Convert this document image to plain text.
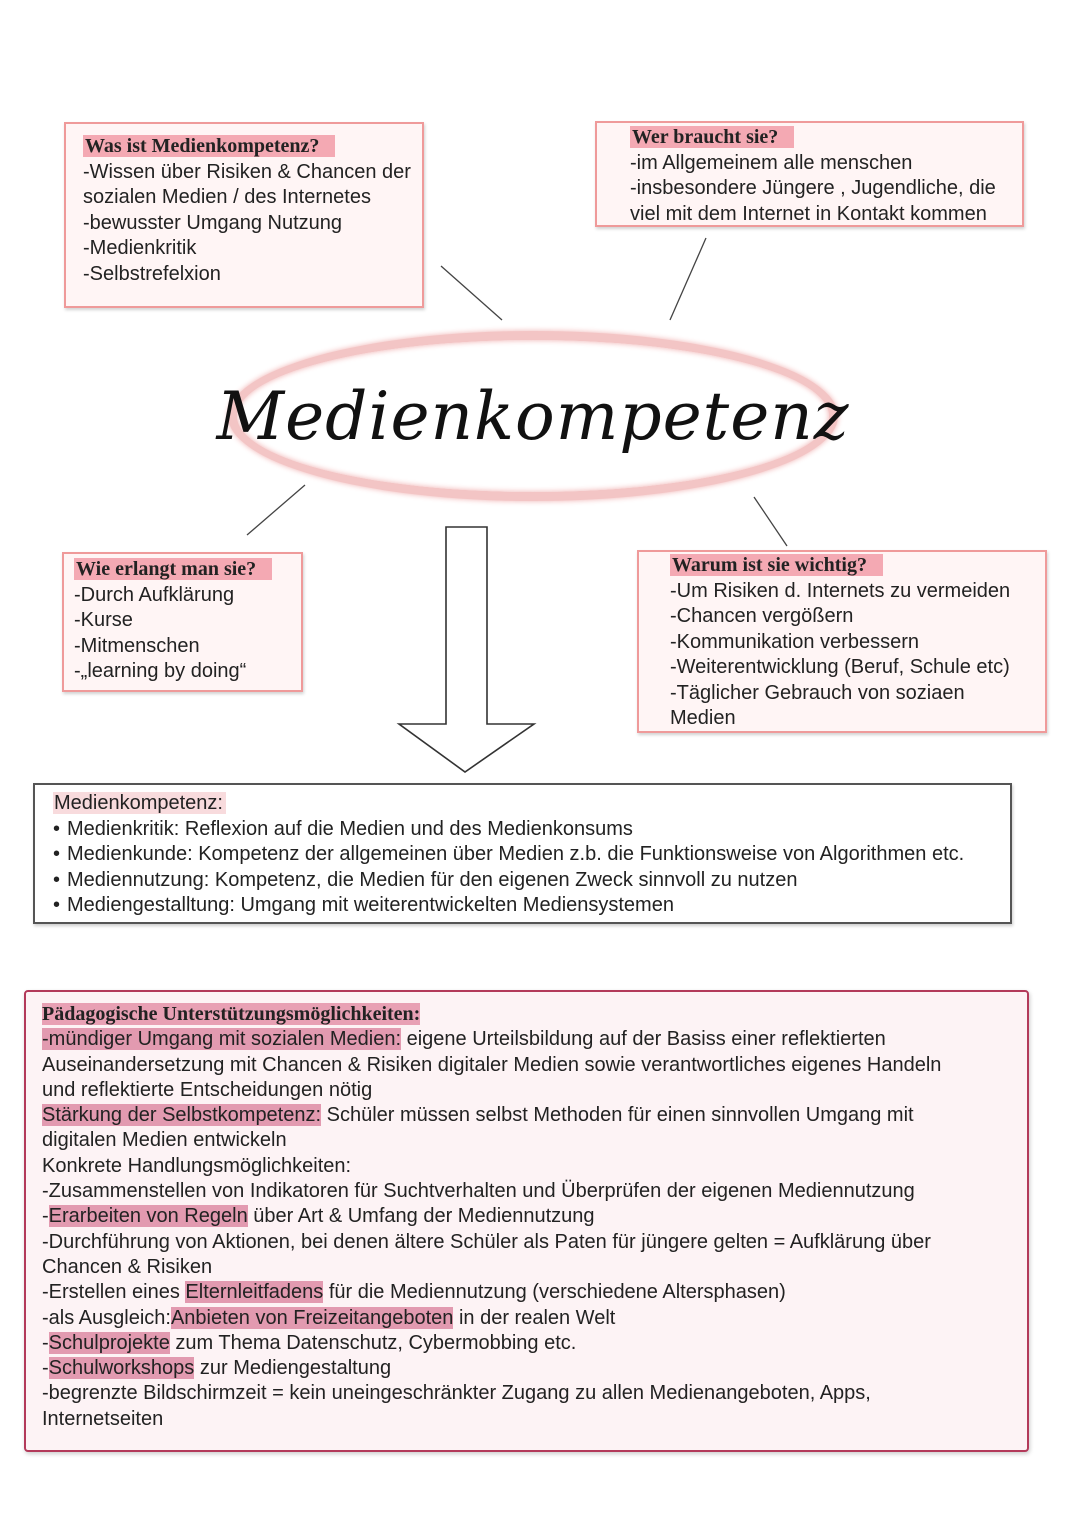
Was ist Medienkompetenz?
-Wissen über Risiken & Chancen der
sozialen Medien / des Internetes
-bewusster Umgang Nutzung
-Medienkritik
-Selbstrefelxion
Wer braucht sie?
-im Allgemeinem alle menschen
-insbesondere Jüngere , Jugendliche, die
viel mit dem Internet in Kontakt kommen
Medienkompetenz
Wie erlangt man sie?
-Durch Aufklärung
-Kurse
-Mitmenschen
-„learning by doing“
Warum ist sie wichtig?
-Um Risiken d. Internets zu vermeiden
-Chancen vergößern
-Kommunikation verbessern
-Weiterentwicklung (Beruf, Schule etc)
-Täglicher Gebrauch von soziaen
Medien
Medienkompetenz:
• Medienkritik: Reflexion auf die Medien und des Medienkonsums
• Medienkunde: Kompetenz der allgemeinen über Medien z.b. die Funktionsweise von Algorithmen etc.
• Mediennutzung: Kompetenz, die Medien für den eigenen Zweck sinnvoll zu nutzen
• Mediengestalltung: Umgang mit weiterentwickelten Mediensystemen
Pädagogische Unterstützungsmöglichkeiten:
-mündiger Umgang mit sozialen Medien: eigene Urteilsbildung auf der Basiss einer reflektierten
Auseinandersetzung mit Chancen & Risiken digitaler Medien sowie verantwortliches eigenes Handeln
und reflektierte Entscheidungen nötig
Stärkung der Selbstkompetenz: Schüler müssen selbst Methoden für einen sinnvollen Umgang mit
digitalen Medien entwickeln
Konkrete Handlungsmöglichkeiten:
-Zusammenstellen von Indikatoren für Suchtverhalten und Überprüfen der eigenen Mediennutzung
-Erarbeiten von Regeln über Art & Umfang der Mediennutzung
-Durchführung von Aktionen, bei denen ältere Schüler als Paten für jüngere gelten = Aufklärung über
Chancen & Risiken
-Erstellen eines Elternleitfadens für die Mediennutzung (verschiedene Altersphasen)
-als Ausgleich:Anbieten von Freizeitangeboten in der realen Welt
-Schulprojekte zum Thema Datenschutz, Cybermobbing etc.
-Schulworkshops zur Mediengestaltung
-begrenzte Bildschirmzeit = kein uneingeschränkter Zugang zu allen Medienangeboten, Apps,
Internetseiten
